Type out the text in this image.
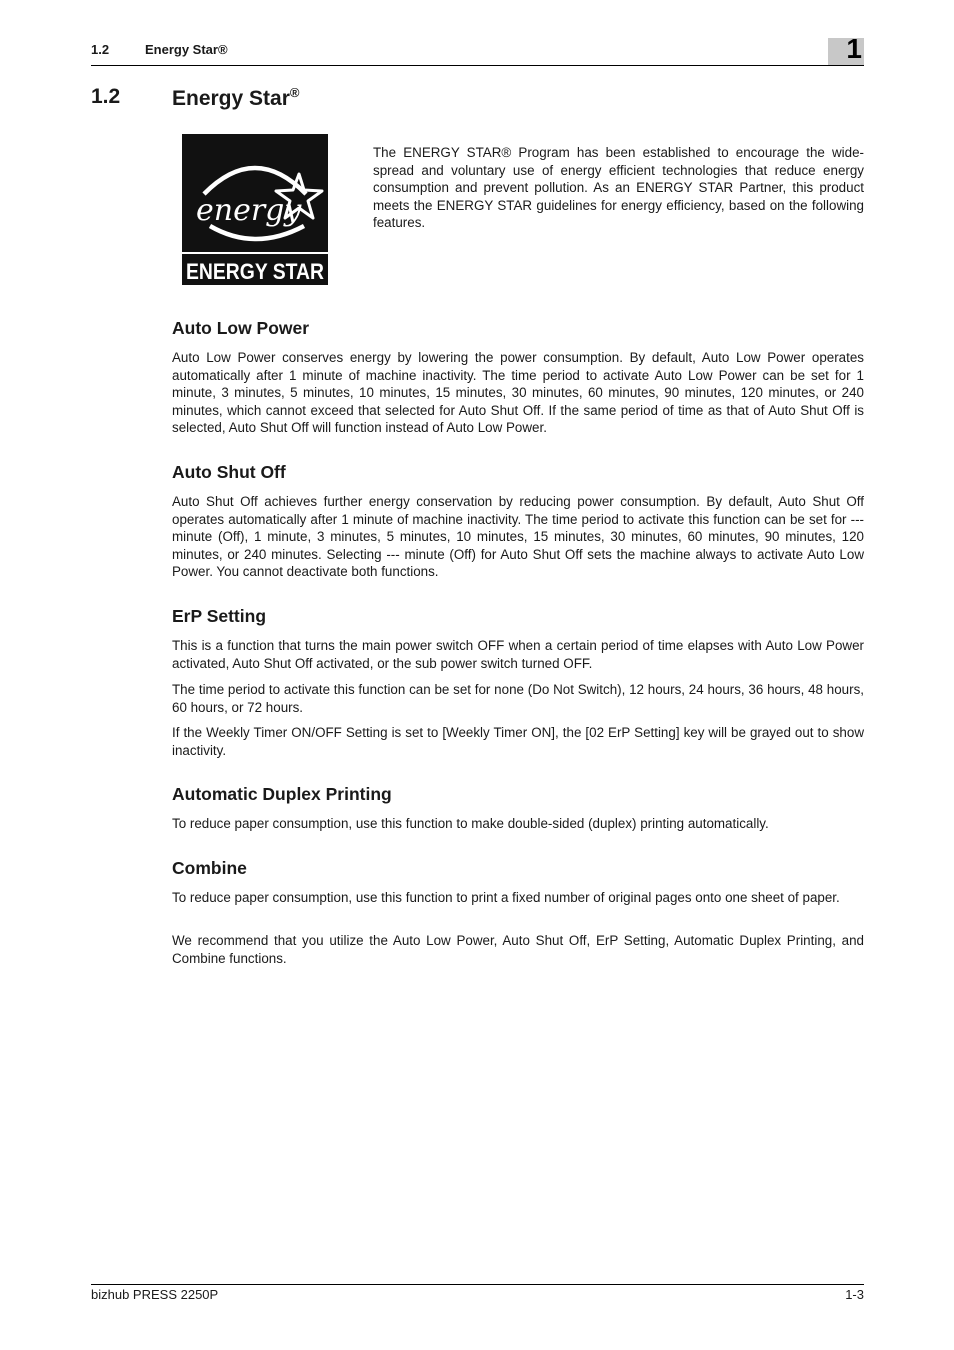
1.2	Energy Star®	1
1.2 Energy Star®
energy
ENERGY STAR
The ENERGY STAR® Program has been established to encourage the wide-spread and voluntary use of energy efficient technologies that reduce energy consumption and prevent pollution. As an ENERGY STAR Partner, this product meets the ENERGY STAR guidelines for energy efficiency, based on the following features.
Auto Low Power
Auto Low Power conserves energy by lowering the power consumption. By default, Auto Low Power operates automatically after 1 minute of machine inactivity. The time period to activate Auto Low Power can be set for 1 minute, 3 minutes, 5 minutes, 10 minutes, 15 minutes, 30 minutes, 60 minutes, 90 minutes, 120 minutes, or 240 minutes, which cannot exceed that selected for Auto Shut Off. If the same period of time as that of Auto Shut Off is selected, Auto Shut Off will function instead of Auto Low Power.
Auto Shut Off
Auto Shut Off achieves further energy conservation by reducing power consumption. By default, Auto Shut Off operates automatically after 1 minute of machine inactivity. The time period to activate this function can be set for --- minute (Off), 1 minute, 3 minutes, 5 minutes, 10 minutes, 15 minutes, 30 minutes, 60 minutes, 90 minutes, 120 minutes, or 240 minutes. Selecting --- minute (Off) for Auto Shut Off sets the machine always to activate Auto Low Power. You cannot deactivate both functions.
ErP Setting
This is a function that turns the main power switch OFF when a certain period of time elapses with Auto Low Power activated, Auto Shut Off activated, or the sub power switch turned OFF.
The time period to activate this function can be set for none (Do Not Switch), 12 hours, 24 hours, 36 hours, 48 hours, 60 hours, or 72 hours.
If the Weekly Timer ON/OFF Setting is set to [Weekly Timer ON], the [02 ErP Setting] key will be grayed out to show inactivity.
Automatic Duplex Printing
To reduce paper consumption, use this function to make double-sided (duplex) printing automatically.
Combine
To reduce paper consumption, use this function to print a fixed number of original pages onto one sheet of paper.
We recommend that you utilize the Auto Low Power, Auto Shut Off, ErP Setting, Automatic Duplex Printing, and Combine functions.
bizhub PRESS 2250P	1-3
